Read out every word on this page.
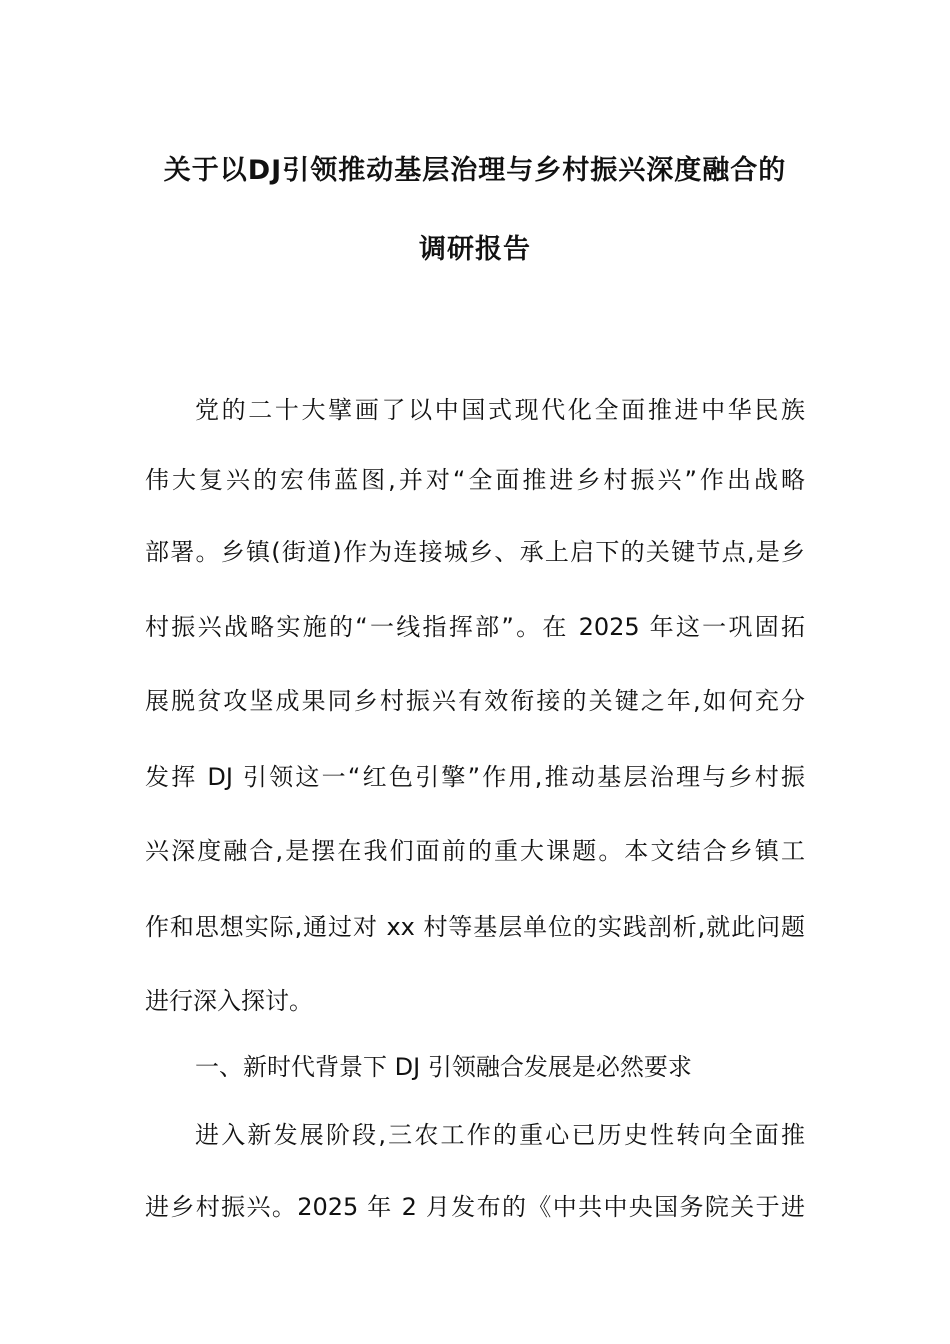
关于以DJ引领推动基层治理与乡村振兴深度融合的
调研报告
党的二十大擘画了以中国式现代化全面推进中华民族
伟大复兴的宏伟蓝图,并对“全面推进乡村振兴”作出战略
部署。乡镇(街道)作为连接城乡、承上启下的关键节点,是乡
村振兴战略实施的“一线指挥部”。在 2025 年这一巩固拓
展脱贫攻坚成果同乡村振兴有效衔接的关键之年,如何充分
发挥 DJ 引领这一“红色引擎”作用,推动基层治理与乡村振
兴深度融合,是摆在我们面前的重大课题。本文结合乡镇工
作和思想实际,通过对 xx 村等基层单位的实践剖析,就此问题
进行深入探讨。
一、新时代背景下 DJ 引领融合发展是必然要求
进入新发展阶段,三农工作的重心已历史性转向全面推
进乡村振兴。2025 年 2 月发布的《中共中央国务院关于进
